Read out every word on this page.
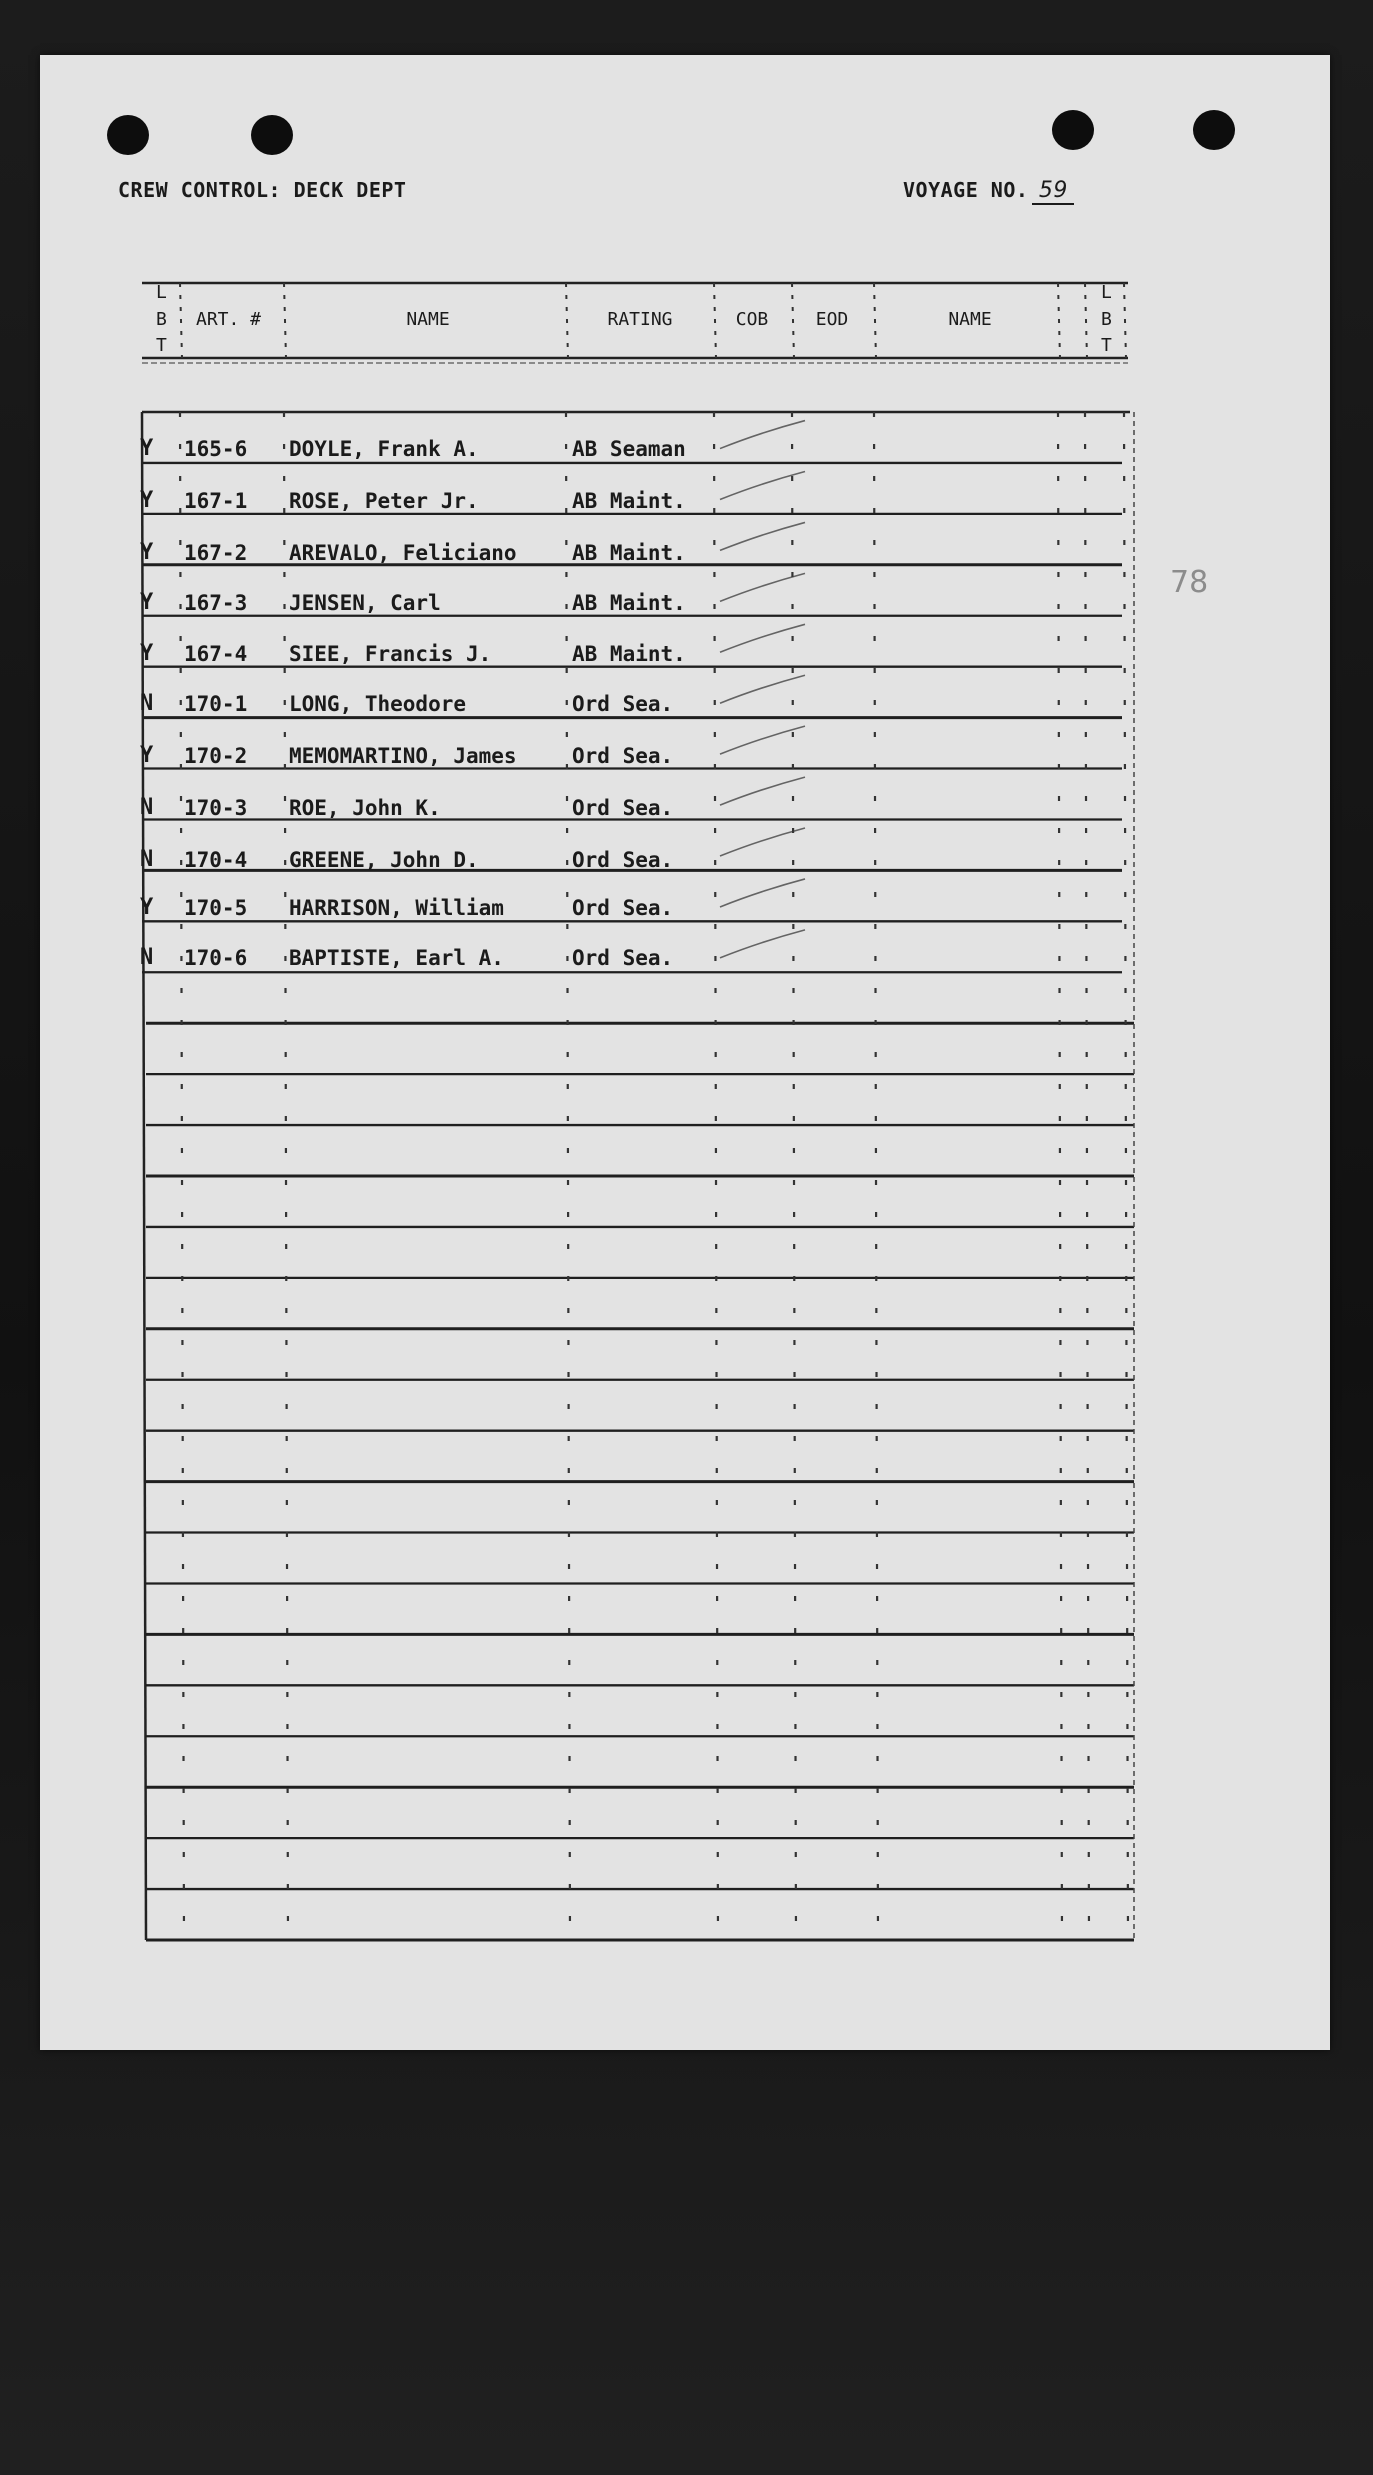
CREW CONTROL: DECK DEPT	VOYAGE NO. 59
78
L
B
T
ART. #	NAME	RATING	COB	EOD	NAME
L
B
T
Y 165-6 DOYLE, Frank A.	AB Seaman
Y 167-1 ROSE, Peter Jr.	AB Maint.
Y 167-2 AREVALO, Feliciano	AB Maint.
Y 167-3 JENSEN, Carl	AB Maint.
Y 167-4 SIEE, Francis J.	AB Maint.
N 170-1 LONG, Theodore	Ord Sea.
Y 170-2 MEMOMARTINO, James	Ord Sea.
N 170-3 ROE, John K.	Ord Sea.
N 170-4 GREENE, John D.	Ord Sea.
Y 170-5 HARRISON, William	Ord Sea.
N 170-6 BAPTISTE, Earl A.	Ord Sea.
